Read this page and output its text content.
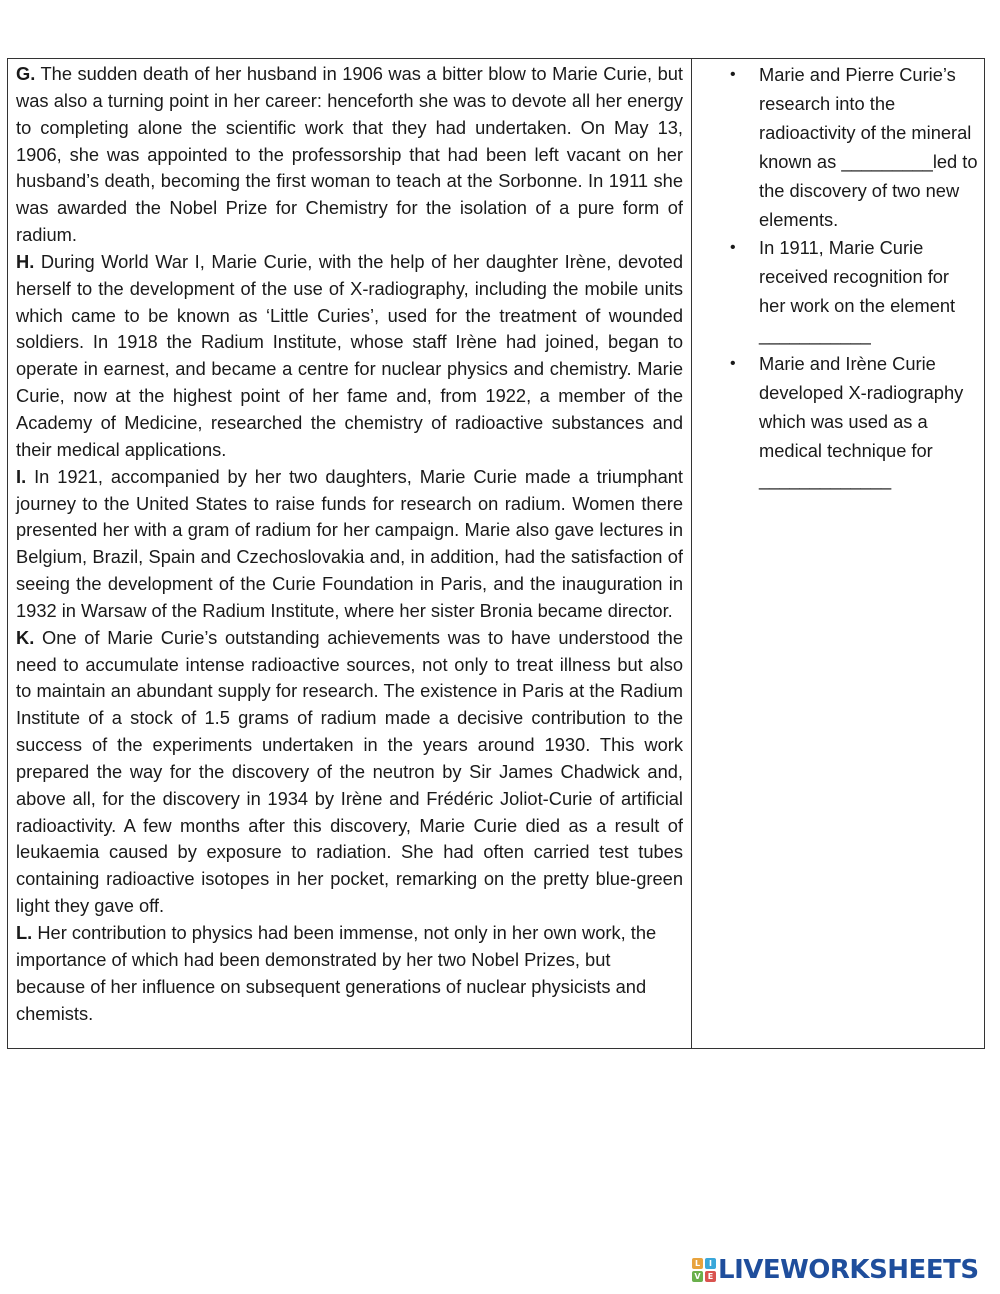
G. The sudden death of her husband in 1906 was a bitter blow to Marie Curie, but was also a turning point in her career: henceforth she was to devote all her energy to completing alone the scientific work that they had undertaken. On May 13, 1906, she was appointed to the professorship that had been left vacant on her husband’s death, becoming the first woman to teach at the Sorbonne. In 1911 she was awarded the Nobel Prize for Chemistry for the isolation of a pure form of radium.

H. During World War I, Marie Curie, with the help of her daughter Irène, devoted herself to the development of the use of X-radiography, including the mobile units which came to be known as ‘Little Curies’, used for the treatment of wounded soldiers. In 1918 the Radium Institute, whose staff Irène had joined, began to operate in earnest, and became a centre for nuclear physics and chemistry. Marie Curie, now at the highest point of her fame and, from 1922, a member of the Academy of Medicine, researched the chemistry of radioactive substances and their medical applications.

I. In 1921, accompanied by her two daughters, Marie Curie made a triumphant journey to the United States to raise funds for research on radium. Women there presented her with a gram of radium for her campaign. Marie also gave lectures in Belgium, Brazil, Spain and Czechoslovakia and, in addition, had the satisfaction of seeing the development of the Curie Foundation in Paris, and the inauguration in 1932 in Warsaw of the Radium Institute, where her sister Bronia became director.

K. One of Marie Curie’s outstanding achievements was to have understood the need to accumulate intense radioactive sources, not only to treat illness but also to maintain an abundant supply for research. The existence in Paris at the Radium Institute of a stock of 1.5 grams of radium made a decisive contribution to the success of the experiments undertaken in the years around 1930. This work prepared the way for the discovery of the neutron by Sir James Chadwick and, above all, for the discovery in 1934 by Irène and Frédéric Joliot-Curie of artificial radioactivity. A few months after this discovery, Marie Curie died as a result of leukaemia caused by exposure to radiation. She had often carried test tubes containing radioactive isotopes in her pocket, remarking on the pretty blue-green light they gave off.

L. Her contribution to physics had been immense, not only in her own work, the importance of which had been demonstrated by her two Nobel Prizes, but because of her influence on subsequent generations of nuclear physicists and chemists.

• Marie and Pierre Curie’s research into the radioactivity of the mineral known as _________led to the discovery of two new elements.
• In 1911, Marie Curie received recognition for her work on the element ___________
• Marie and Irène Curie developed X-radiography which was used as a medical technique for _____________
L	I
V E LIVEWORKSHEETS
